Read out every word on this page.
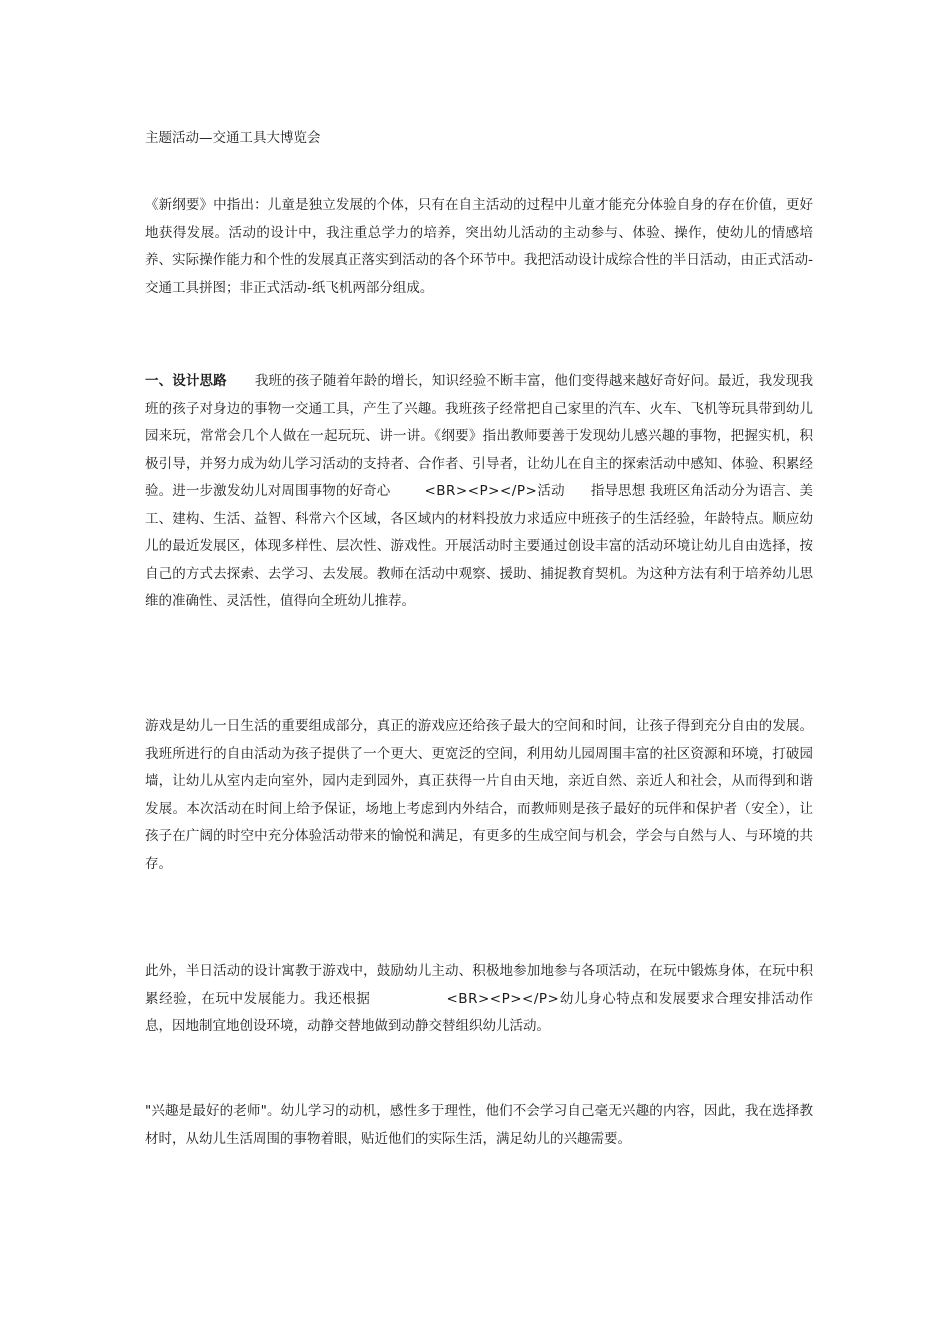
主题活动—交通工具大博览会

《新纲要》中指出：儿童是独立发展的个体，只有在自主活动的过程中儿童才能充分体验自身的存在价值，更好地获得发展。活动的设计中，我注重总学力的培养，突出幼儿活动的主动参与、体验、操作，使幼儿的情感培养、实际操作能力和个性的发展真正落实到活动的各个环节中。我把活动设计成综合性的半日活动，由正式活动-交通工具拼图；非正式活动-纸飞机两部分组成。

一、设计思路 我班的孩子随着年龄的增长，知识经验不断丰富，他们变得越来越好奇好问。最近，我发现我班的孩子对身边的事物一交通工具，产生了兴趣。我班孩子经常把自己家里的汽车、火车、飞机等玩具带到幼儿园来玩，常常会几个人做在一起玩玩、讲一讲。《纲要》指出教师要善于发现幼儿感兴趣的事物，把握实机，积极引导，并努力成为幼儿学习活动的支持者、合作者、引导者，让幼儿在自主的探索活动中感知、体验、积累经验。进一步激发幼儿对周围事物的好奇心	<BR><P></P>活动 指导思想 我班区角活动分为语言、美工、建构、生活、益智、科常六个区域，各区域内的材料投放力求适应中班孩子的生活经验，年龄特点。顺应幼儿的最近发展区，体现多样性、层次性、游戏性。开展活动时主要通过创设丰富的活动环境让幼儿自由选择，按自己的方式去探索、去学习、去发展。教师在活动中观察、援助、捕捉教育契机。为这种方法有利于培养幼儿思维的准确性、灵活性，值得向全班幼儿推荐。

游戏是幼儿一日生活的重要组成部分，真正的游戏应还给孩子最大的空间和时间，让孩子得到充分自由的发展。我班所进行的自由活动为孩子提供了一个更大、更宽泛的空间，利用幼儿园周围丰富的社区资源和环境，打破园墙，让幼儿从室内走向室外，园内走到园外，真正获得一片自由天地，亲近自然、亲近人和社会，从而得到和谐发展。本次活动在时间上给予保证，场地上考虑到内外结合，而教师则是孩子最好的玩伴和保护者（安全），让孩子在广阔的时空中充分体验活动带来的愉悦和满足，有更多的生成空间与机会，学会与自然与人、与环境的共存。

此外，半日活动的设计寓教于游戏中，鼓励幼儿主动、积极地参加地参与各项活动，在玩中锻炼身体，在玩中积累经验，在玩中发展能力。我还根据	<BR><P></P>幼儿身心特点和发展要求合理安排活动作息，因地制宜地创设环境，动静交替地做到动静交替组织幼儿活动。

"兴趣是最好的老师"。幼儿学习的动机，感性多于理性，他们不会学习自己毫无兴趣的内容，因此，我在选择教材时，从幼儿生活周围的事物着眼，贴近他们的实际生活，满足幼儿的兴趣需要。
